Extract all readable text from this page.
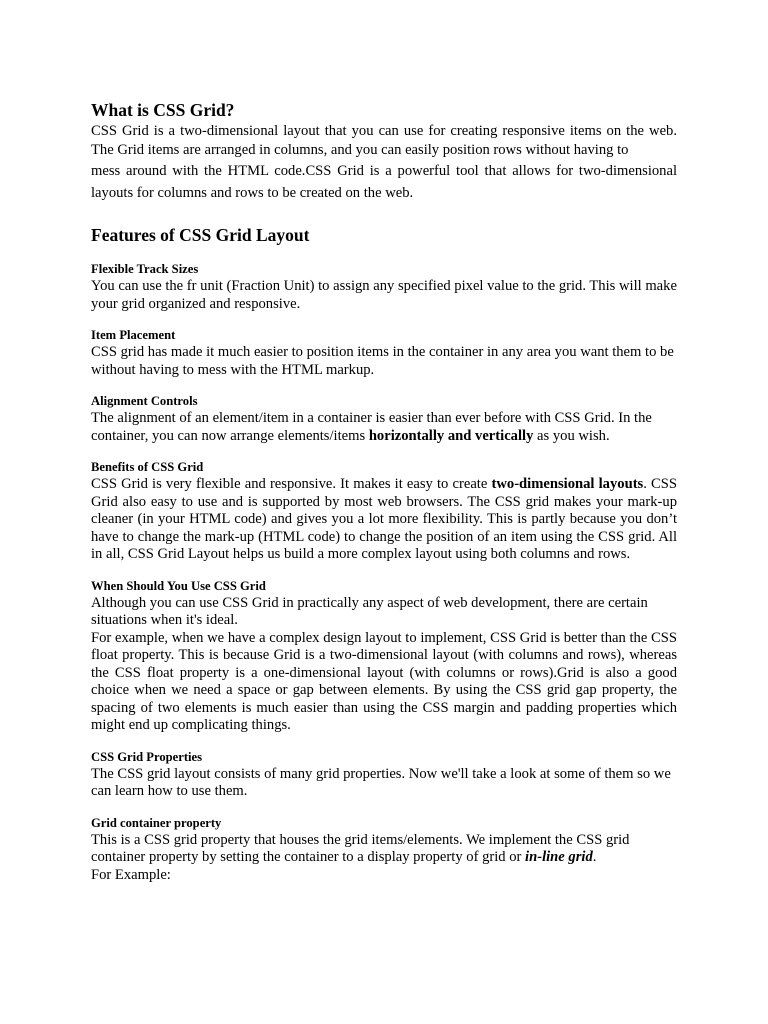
What is CSS Grid?

CSS Grid is a two-dimensional layout that you can use for creating responsive items on the web. The Grid items are arranged in columns, and you can easily position rows without having to

mess around with the HTML code.CSS Grid is a powerful tool that allows for two-dimensional layouts for columns and rows to be created on the web.

Features of CSS Grid Layout
Flexible Track Sizes

You can use the fr unit (Fraction Unit) to assign any specified pixel value to the grid. This will make your grid organized and responsive.

Item Placement

CSS grid has made it much easier to position items in the container in any area you want them to be without having to mess with the HTML markup.

Alignment Controls

The alignment of an element/item in a container is easier than ever before with CSS Grid. In the container, you can now arrange elements/items horizontally and vertically as you wish.

Benefits of CSS Grid

CSS Grid is very flexible and responsive. It makes it easy to create two-dimensional layouts. CSS Grid also easy to use and is supported by most web browsers. The CSS grid makes your mark-up cleaner (in your HTML code) and gives you a lot more flexibility. This is partly because you don’t have to change the mark-up (HTML code) to change the position of an item using the CSS grid. All in all, CSS Grid Layout helps us build a more complex layout using both columns and rows.

When Should You Use CSS Grid

Although you can use CSS Grid in practically any aspect of web development, there are certain situations when it's ideal.

For example, when we have a complex design layout to implement, CSS Grid is better than the CSS float property. This is because Grid is a two-dimensional layout (with columns and rows), whereas the CSS float property is a one-dimensional layout (with columns or rows).Grid is also a good choice when we need a space or gap between elements. By using the CSS grid gap property, the spacing of two elements is much easier than using the CSS margin and padding properties which might end up complicating things.

CSS Grid Properties

The CSS grid layout consists of many grid properties. Now we'll take a look at some of them so we can learn how to use them.

Grid container property

This is a CSS grid property that houses the grid items/elements. We implement the CSS grid container property by setting the container to a display property of grid or in-line grid.

For Example:
